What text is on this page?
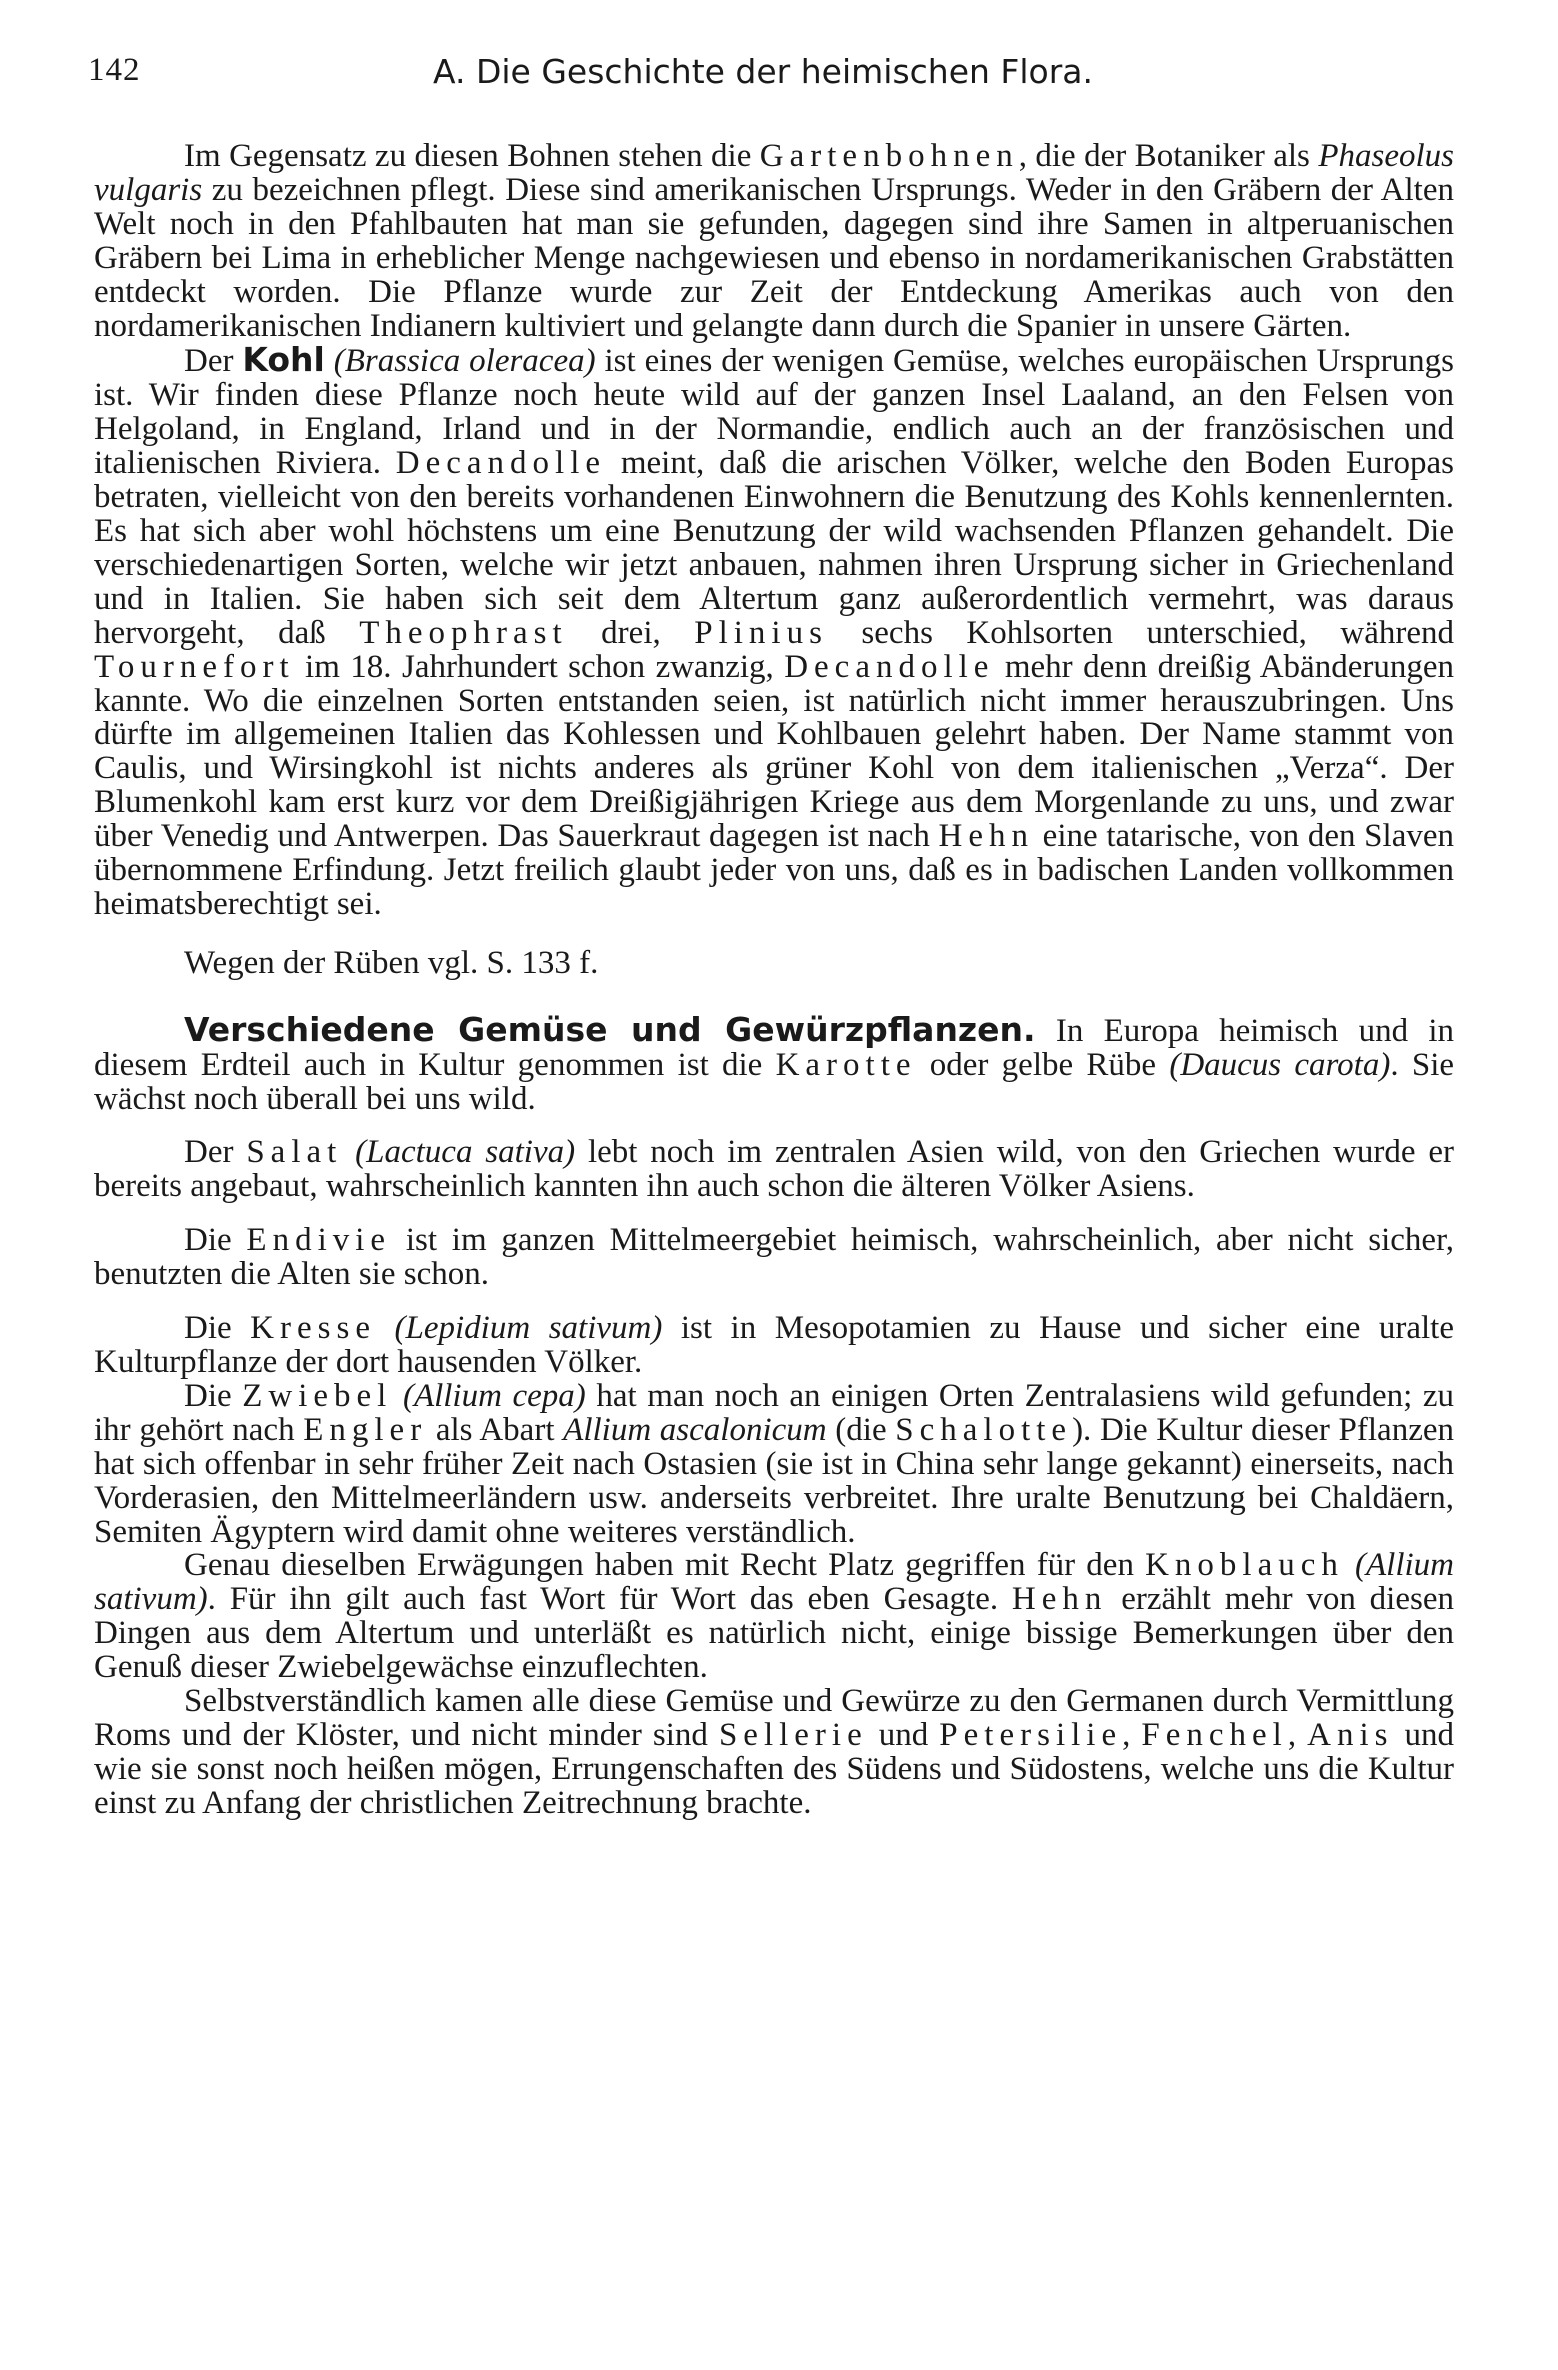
142	A. Die Geschichte der heimischen Flora.

Im Gegensatz zu diesen Bohnen stehen die Gartenbohnen, die der Botaniker als Phaseolus vulgaris zu bezeichnen pflegt. Diese sind amerikanischen Ursprungs. Weder in den Gräbern der Alten Welt noch in den Pfahlbauten hat man sie gefunden, dagegen sind ihre Samen in altperuanischen Gräbern bei Lima in erheblicher Menge nachgewiesen und ebenso in nordamerikanischen Grabstätten entdeckt worden. Die Pflanze wurde zur Zeit der Entdeckung Amerikas auch von den nordamerikanischen Indianern kultiviert und gelangte dann durch die Spanier in unsere Gärten.

Der Kohl (Brassica oleracea) ist eines der wenigen Gemüse, welches europäischen Ursprungs ist. Wir finden diese Pflanze noch heute wild auf der ganzen Insel Laaland, an den Felsen von Helgoland, in England, Irland und in der Normandie, endlich auch an der französischen und italienischen Riviera. Decandolle meint, daß die arischen Völker, welche den Boden Europas betraten, vielleicht von den bereits vorhandenen Einwohnern die Benutzung des Kohls kennenlernten. Es hat sich aber wohl höchstens um eine Benutzung der wild wachsenden Pflanzen gehandelt. Die verschiedenartigen Sorten, welche wir jetzt anbauen, nahmen ihren Ursprung sicher in Griechenland und in Italien. Sie haben sich seit dem Altertum ganz außerordentlich vermehrt, was daraus hervorgeht, daß Theophrast drei, Plinius sechs Kohlsorten unterschied, während Tournefort im 18. Jahrhundert schon zwanzig, Decandolle mehr denn dreißig Abänderungen kannte. Wo die einzelnen Sorten entstanden seien, ist natürlich nicht immer herauszubringen. Uns dürfte im allgemeinen Italien das Kohlessen und Kohlbauen gelehrt haben. Der Name stammt von Caulis, und Wirsingkohl ist nichts anderes als grüner Kohl von dem italienischen „Verza“. Der Blumenkohl kam erst kurz vor dem Dreißigjährigen Kriege aus dem Morgenlande zu uns, und zwar über Venedig und Antwerpen. Das Sauerkraut dagegen ist nach Hehn eine tatarische, von den Slaven übernommene Erfindung. Jetzt freilich glaubt jeder von uns, daß es in badischen Landen vollkommen heimatsberechtigt sei.

Wegen der Rüben vgl. S. 133 f.

Verschiedene Gemüse und Gewürzpflanzen. In Europa heimisch und in diesem Erdteil auch in Kultur genommen ist die Karotte oder gelbe Rübe (Daucus carota). Sie wächst noch überall bei uns wild.

Der Salat (Lactuca sativa) lebt noch im zentralen Asien wild, von den Griechen wurde er bereits angebaut, wahrscheinlich kannten ihn auch schon die älteren Völker Asiens.

Die Endivie ist im ganzen Mittelmeergebiet heimisch, wahrscheinlich, aber nicht sicher, benutzten die Alten sie schon.

Die Kresse (Lepidium sativum) ist in Mesopotamien zu Hause und sicher eine uralte Kulturpflanze der dort hausenden Völker.

Die Zwiebel (Allium cepa) hat man noch an einigen Orten Zentralasiens wild gefunden; zu ihr gehört nach Engler als Abart Allium ascalonicum (die Schalotte). Die Kultur dieser Pflanzen hat sich offenbar in sehr früher Zeit nach Ostasien (sie ist in China sehr lange gekannt) einerseits, nach Vorderasien, den Mittelmeerländern usw. anderseits verbreitet. Ihre uralte Benutzung bei Chaldäern, Semiten Ägyptern wird damit ohne weiteres verständlich.

Genau dieselben Erwägungen haben mit Recht Platz gegriffen für den Knoblauch (Allium sativum). Für ihn gilt auch fast Wort für Wort das eben Gesagte. Hehn erzählt mehr von diesen Dingen aus dem Altertum und unterläßt es natürlich nicht, einige bissige Bemerkungen über den Genuß dieser Zwiebelgewächse einzuflechten.

Selbstverständlich kamen alle diese Gemüse und Gewürze zu den Germanen durch Vermittlung Roms und der Klöster, und nicht minder sind Sellerie und Petersilie, Fenchel, Anis und wie sie sonst noch heißen mögen, Errungenschaften des Südens und Südostens, welche uns die Kultur einst zu Anfang der christlichen Zeitrechnung brachte.
